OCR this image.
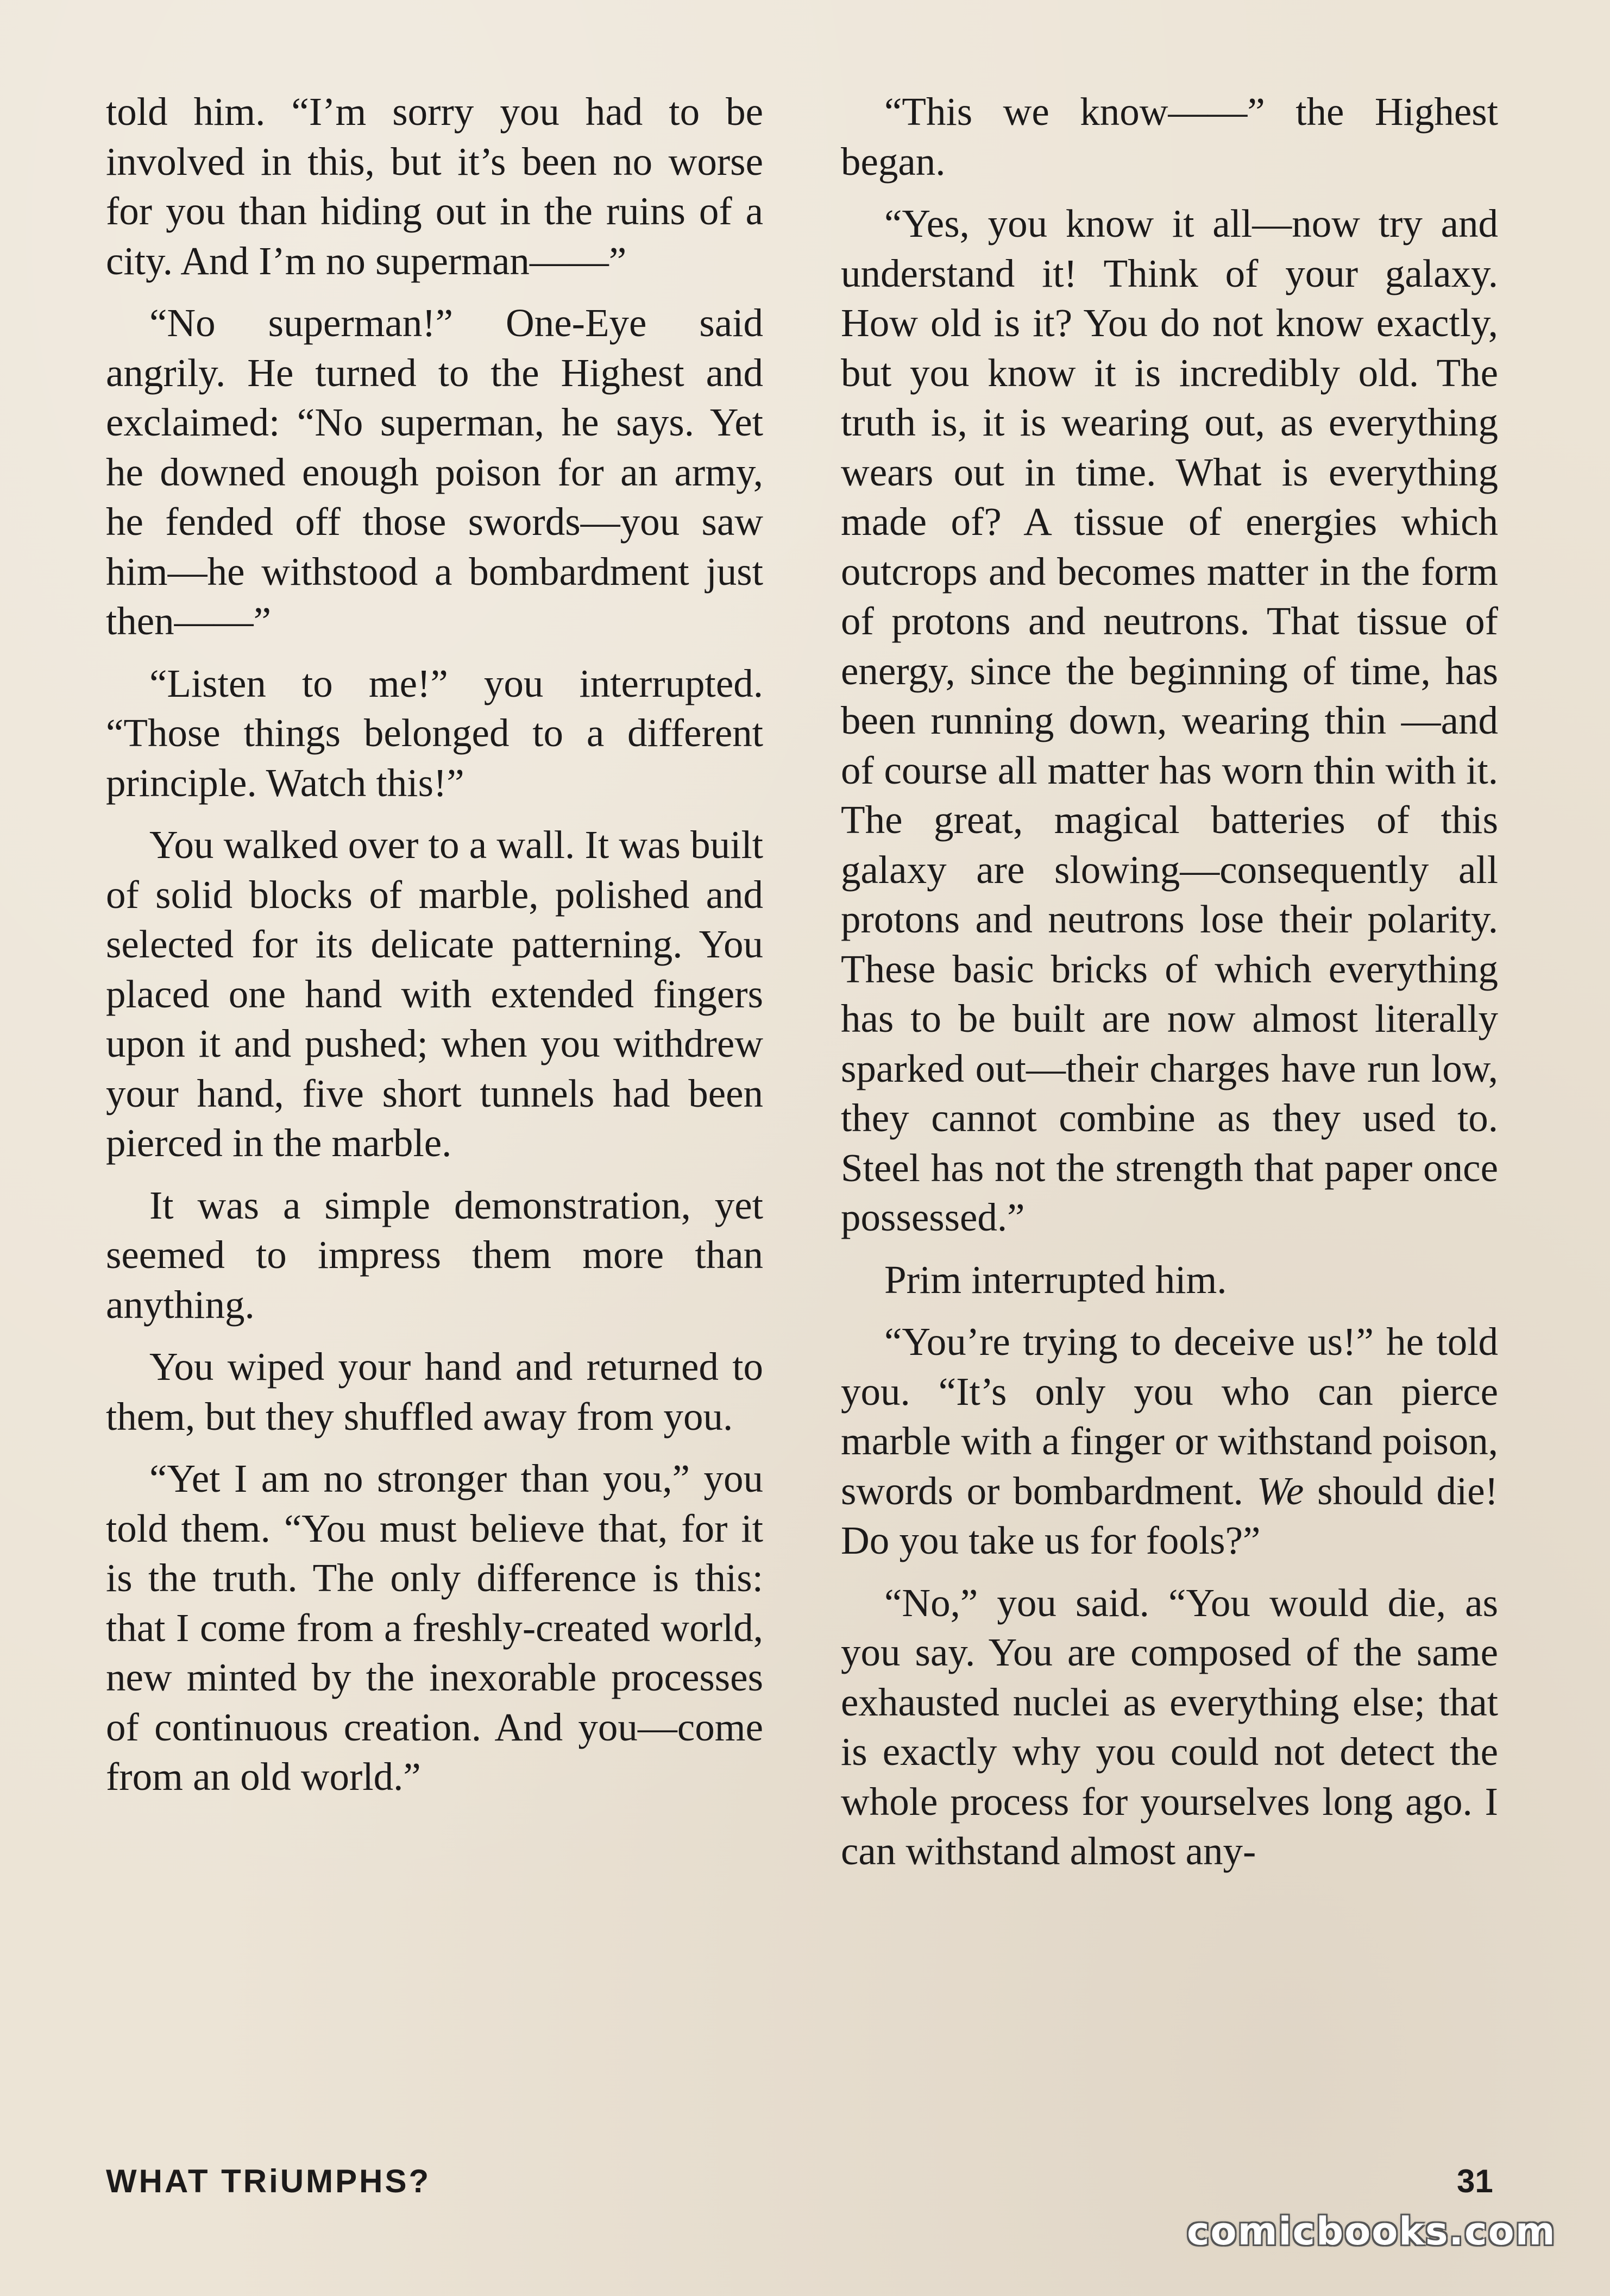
told him. “I’m sorry you had to be involved in this, but it’s been no worse for you than hiding out in the ruins of a city. And I’m no superman——”

“No superman!” One-Eye said angrily. He turned to the Highest and exclaimed: “No superman, he says. Yet he downed enough poison for an army, he fended off those swords—you saw him—he withstood a bombardment just then——”

“Listen to me!” you interrupted. “Those things belonged to a different principle. Watch this!”

You walked over to a wall. It was built of solid blocks of marble, polished and selected for its delicate patterning. You placed one hand with extended fingers upon it and pushed; when you withdrew your hand, five short tunnels had been pierced in the marble.

It was a simple demonstration, yet seemed to impress them more than anything.

You wiped your hand and returned to them, but they shuffled away from you.

“Yet I am no stronger than you,” you told them. “You must believe that, for it is the truth. The only difference is this: that I come from a freshly-created world, new minted by the inexorable processes of continuous creation. And you—come from an old world.”

“This we know——” the Highest began.

“Yes, you know it all—now try and understand it! Think of your galaxy. How old is it? You do not know exactly, but you know it is incredibly old. The truth is, it is wearing out, as everything wears out in time. What is everything made of? A tissue of energies which outcrops and becomes matter in the form of protons and neutrons. That tissue of energy, since the beginning of time, has been running down, wearing thin —and of course all matter has worn thin with it. The great, magical batteries of this galaxy are slowing—consequently all protons and neutrons lose their polarity. These basic bricks of which everything has to be built are now almost literally sparked out—their charges have run low, they cannot combine as they used to. Steel has not the strength that paper once possessed.”

Prim interrupted him.

“You’re trying to deceive us!” he told you. “It’s only you who can pierce marble with a finger or withstand poison, swords or bombardment. We should die! Do you take us for fools?”

“No,” you said. “You would die, as you say. You are composed of the same exhausted nuclei as everything else; that is exactly why you could not detect the whole process for yourselves long ago. I can withstand almost any-

WHAT TRiUMPHS?	31
comicbooks.com
